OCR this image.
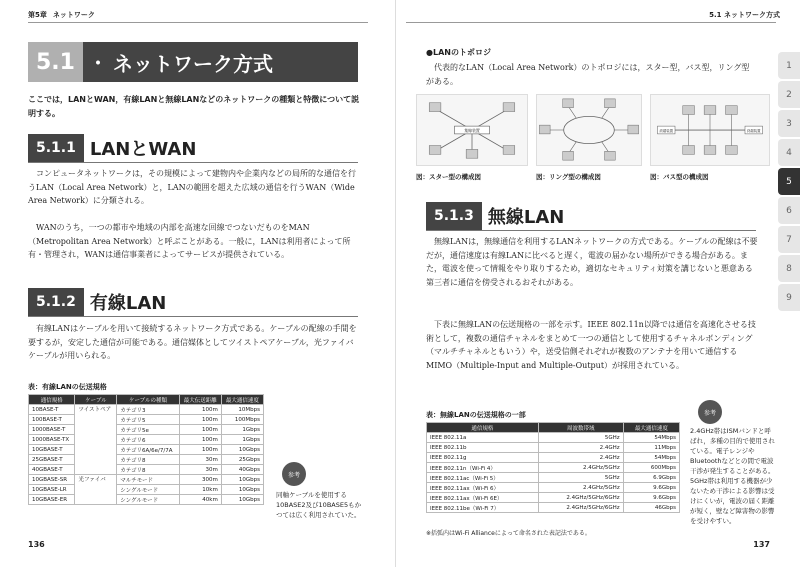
第5章 ネットワーク
5.1 ・ ネットワーク方式
ここでは，LANとWAN，有線LANと無線LANなどのネットワークの種類と特徴について説明する。
5.1.1 LANとWAN
コンピュータネットワークは，その規模によって建物内や企業内などの局所的な通信を行うLAN（Local Area Network）と，LANの範囲を超えた広域の通信を行うWAN（Wide Area Network）に分類される。
WANのうち，一つの都市や地域の内部を高速な回線でつないだものをMAN（Metropolitan Area Network）と呼ぶことがある。一般に，LANは利用者によって所有・管理され，WANは通信事業者によってサービスが提供されている。
5.1.2 有線LAN
有線LANはケーブルを用いて接続するネットワーク方式である。ケーブルの配線の手間を要するが，安定した通信が可能である。通信媒体としてツイストペアケーブル，光ファイバケーブルが用いられる。
表：有線LANの伝送規格
通信規格	ケーブル	ケーブルの種類	最大伝送距離	最大通信速度
10BASE-T	ツイストペア	カテゴリ3	100m	10Mbps
100BASE-T		カテゴリ5	100m	100Mbps
1000BASE-T		カテゴリ5e	100m	1Gbps
1000BASE-TX		カテゴリ6	100m	1Gbps
10GBASE-T		カテゴリ6A/6e/7/7A	100m	10Gbps
25GBASE-T		カテゴリ8	30m	25Gbps
40GBASE-T		カテゴリ8	30m	40Gbps
10GBASE-SR	光ファイバ	マルチモード	300m	10Gbps
10GBASE-LR		シングルモード	10km	10Gbps
10GBASE-ER		シングルモード	40km	10Gbps
参考
同軸ケーブルを使用する10BASE2及び10BASE5もかつては広く利用されていた。
136
5.1 ネットワーク方式
●LANのトポロジ
代表的なLAN（Local Area Network）のトポロジには，スター型，バス型，リング型がある。
集線装置
図：スター型の構成図	図：リング型の構成図
終端装置	終端装置
図：バス型の構成図
5.1.3 無線LAN
無線LANは，無線通信を利用するLANネットワークの方式である。ケーブルの配線は不要だが，通信速度は有線LANに比べると遅く，電波の届かない場所ができる場合がある。また，電波を使って情報をやり取りするため，適切なセキュリティ対策を講じないと悪意ある第三者に通信を傍受されるおそれがある。
下表に無線LANの伝送規格の一部を示す。IEEE 802.11n以降では通信を高速化させる技術として，複数の通信チャネルをまとめて一つの通信として使用するチャネルボンディング（マルチチャネルともいう）や，送受信側それぞれが複数のアンテナを用いて通信するMIMO（Multiple-Input and Multiple-Output）が採用されている。
表：無線LANの伝送規格の一部
通信規格	周波数帯域	最大通信速度
IEEE 802.11a	5GHz	54Mbps
IEEE 802.11b	2.4GHz	11Mbps
IEEE 802.11g	2.4GHz	54Mbps
IEEE 802.11n（Wi-Fi 4）	2.4GHz/5GHz	600Mbps
IEEE 802.11ac（Wi-Fi 5）	5GHz	6.9Gbps
IEEE 802.11ax（Wi-Fi 6）	2.4GHz/5GHz	9.6Gbps
IEEE 802.11ax（Wi-Fi 6E）	2.4GHz/5GHz/6GHz	9.6Gbps
IEEE 802.11be（Wi-Fi 7）	2.4GHz/5GHz/6GHz	46Gbps
※括弧内はWi-Fi Allianceによって命名された表記法である。
参考
2.4GHz帯はISMバンドと呼ばれ，多種の目的で使用されている。電子レンジやBluetoothなどとの間で電波干渉が発生することがある。5GHz帯は利用する機器が少ないため干渉による影響は受けにくいが，電波の届く距離が短く，壁など障害物の影響を受けやすい。
137
1
2
3
4
5
6
7
8
9
